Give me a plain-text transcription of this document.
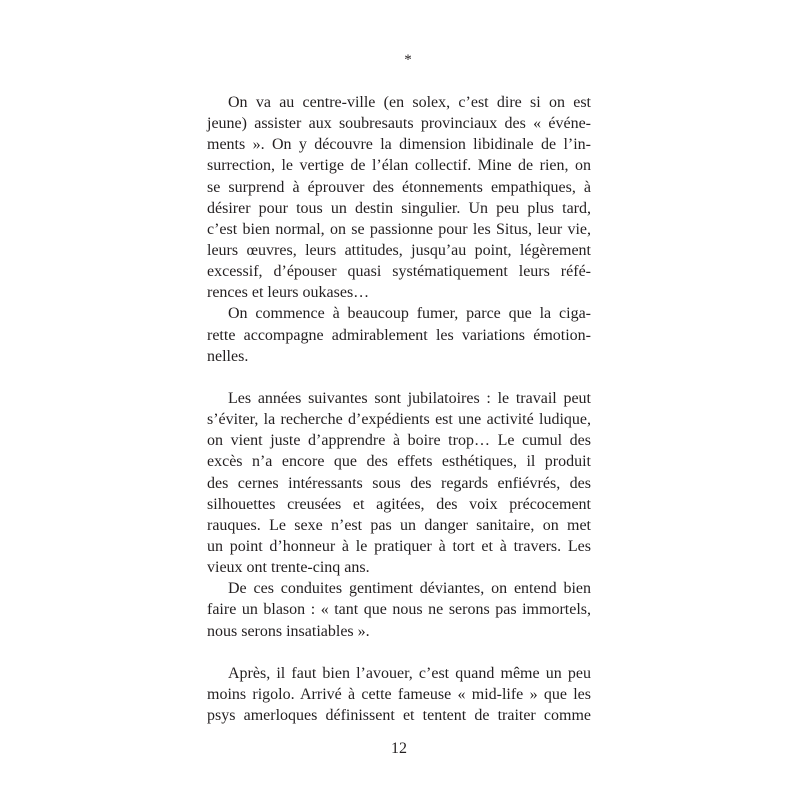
*
On va au centre-ville (en solex, c’est dire si on est
jeune) assister aux soubresauts provinciaux des « événe-
ments ». On y découvre la dimension libidinale de l’in-
surrection, le vertige de l’élan collectif. Mine de rien, on
se surprend à éprouver des étonnements empathiques, à
désirer pour tous un destin singulier. Un peu plus tard,
c’est bien normal, on se passionne pour les Situs, leur vie,
leurs œuvres, leurs attitudes, jusqu’au point, légèrement
excessif, d’épouser quasi systématiquement leurs réfé-
rences et leurs oukases…
On commence à beaucoup fumer, parce que la ciga-
rette accompagne admirablement les variations émotion-
nelles.
Les années suivantes sont jubilatoires : le travail peut
s’éviter, la recherche d’expédients est une activité ludique,
on vient juste d’apprendre à boire trop… Le cumul des
excès n’a encore que des effets esthétiques, il produit
des cernes intéressants sous des regards enfiévrés, des
silhouettes creusées et agitées, des voix précocement
rauques. Le sexe n’est pas un danger sanitaire, on met
un point d’honneur à le pratiquer à tort et à travers. Les
vieux ont trente-cinq ans.
De ces conduites gentiment déviantes, on entend bien
faire un blason : « tant que nous ne serons pas immortels,
nous serons insatiables ».
Après, il faut bien l’avouer, c’est quand même un peu
moins rigolo. Arrivé à cette fameuse « mid-life » que les
psys amerloques définissent et tentent de traiter comme
12
